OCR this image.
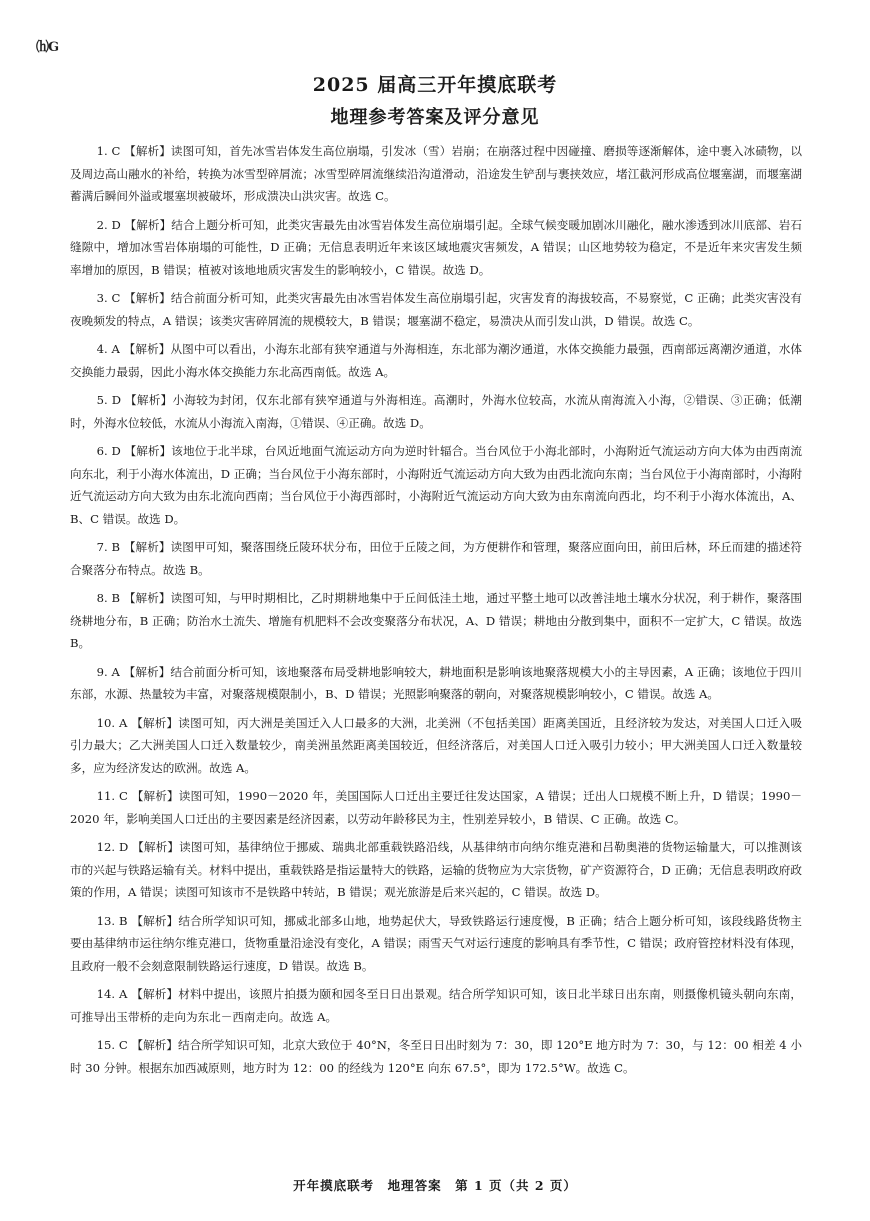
⒣G
2025 届高三开年摸底联考
地理参考答案及评分意见

1. C 【解析】读图可知，首先冰雪岩体发生高位崩塌，引发冰（雪）岩崩；在崩落过程中因碰撞、磨损等逐渐解体，途中裹入冰碛物，以及周边高山融水的补给，转换为冰雪型碎屑流；冰雪型碎屑流继续沿沟道滑动，沿途发生铲刮与裹挟效应，堵江截河形成高位堰塞湖，而堰塞湖蓄满后瞬间外溢或堰塞坝被破坏，形成溃决山洪灾害。故选 C。

2. D 【解析】结合上题分析可知，此类灾害最先由冰雪岩体发生高位崩塌引起。全球气候变暖加剧冰川融化，融水渗透到冰川底部、岩石缝隙中，增加冰雪岩体崩塌的可能性，D 正确；无信息表明近年来该区域地震灾害频发，A 错误；山区地势较为稳定，不是近年来灾害发生频率增加的原因，B 错误；植被对该地地质灾害发生的影响较小，C 错误。故选 D。

3. C 【解析】结合前面分析可知，此类灾害最先由冰雪岩体发生高位崩塌引起，灾害发育的海拔较高，不易察觉，C 正确；此类灾害没有夜晚频发的特点，A 错误；该类灾害碎屑流的规模较大，B 错误；堰塞湖不稳定，易溃决从而引发山洪，D 错误。故选 C。

4. A 【解析】从图中可以看出，小海东北部有狭窄通道与外海相连，东北部为潮汐通道，水体交换能力最强，西南部远离潮汐通道，水体交换能力最弱，因此小海水体交换能力东北高西南低。故选 A。

5. D 【解析】小海较为封闭，仅东北部有狭窄通道与外海相连。高潮时，外海水位较高，水流从南海流入小海，②错误、③正确；低潮时，外海水位较低，水流从小海流入南海，①错误、④正确。故选 D。

6. D 【解析】该地位于北半球，台风近地面气流运动方向为逆时针辐合。当台风位于小海北部时，小海附近气流运动方向大体为由西南流向东北，利于小海水体流出，D 正确；当台风位于小海东部时，小海附近气流运动方向大致为由西北流向东南；当台风位于小海南部时，小海附近气流运动方向大致为由东北流向西南；当台风位于小海西部时，小海附近气流运动方向大致为由东南流向西北，均不利于小海水体流出，A、B、C 错误。故选 D。

7. B 【解析】读图甲可知，聚落围绕丘陵环状分布，田位于丘陵之间，为方便耕作和管理，聚落应面向田，前田后林，环丘而建的描述符合聚落分布特点。故选 B。

8. B 【解析】读图可知，与甲时期相比，乙时期耕地集中于丘间低洼土地，通过平整土地可以改善洼地土壤水分状况，利于耕作，聚落围绕耕地分布，B 正确；防治水土流失、增施有机肥料不会改变聚落分布状况，A、D 错误；耕地由分散到集中，面积不一定扩大，C 错误。故选 B。

9. A 【解析】结合前面分析可知，该地聚落布局受耕地影响较大，耕地面积是影响该地聚落规模大小的主导因素，A 正确；该地位于四川东部，水源、热量较为丰富，对聚落规模限制小，B、D 错误；光照影响聚落的朝向，对聚落规模影响较小，C 错误。故选 A。

10. A 【解析】读图可知，丙大洲是美国迁入人口最多的大洲，北美洲（不包括美国）距离美国近，且经济较为发达，对美国人口迁入吸引力最大；乙大洲美国人口迁入数量较少，南美洲虽然距离美国较近，但经济落后，对美国人口迁入吸引力较小；甲大洲美国人口迁入数量较多，应为经济发达的欧洲。故选 A。

11. C 【解析】读图可知，1990－2020 年，美国国际人口迁出主要迁往发达国家，A 错误；迁出人口规模不断上升，D 错误；1990－2020 年，影响美国人口迁出的主要因素是经济因素，以劳动年龄移民为主，性别差异较小，B 错误、C 正确。故选 C。

12. D 【解析】读图可知，基律纳位于挪威、瑞典北部重载铁路沿线，从基律纳市向纳尔维克港和吕勒奥港的货物运输量大，可以推测该市的兴起与铁路运输有关。材料中提出，重载铁路是指运量特大的铁路，运输的货物应为大宗货物，矿产资源符合，D 正确；无信息表明政府政策的作用，A 错误；读图可知该市不是铁路中转站，B 错误；观光旅游是后来兴起的，C 错误。故选 D。

13. B 【解析】结合所学知识可知，挪威北部多山地，地势起伏大，导致铁路运行速度慢，B 正确；结合上题分析可知，该段线路货物主要由基律纳市运往纳尔维克港口，货物重量沿途没有变化，A 错误；雨雪天气对运行速度的影响具有季节性，C 错误；政府管控材料没有体现，且政府一般不会刻意限制铁路运行速度，D 错误。故选 B。

14. A 【解析】材料中提出，该照片拍摄为颐和园冬至日日出景观。结合所学知识可知，该日北半球日出东南，则摄像机镜头朝向东南，可推导出玉带桥的走向为东北－西南走向。故选 A。

15. C 【解析】结合所学知识可知，北京大致位于 40°N，冬至日日出时刻为 7：30，即 120°E 地方时为 7：30，与 12：00 相差 4 小时 30 分钟。根据东加西减原则，地方时为 12：00 的经线为 120°E 向东 67.5°，即为 172.5°W。故选 C。

开年摸底联考　地理答案　第 1 页（共 2 页）
